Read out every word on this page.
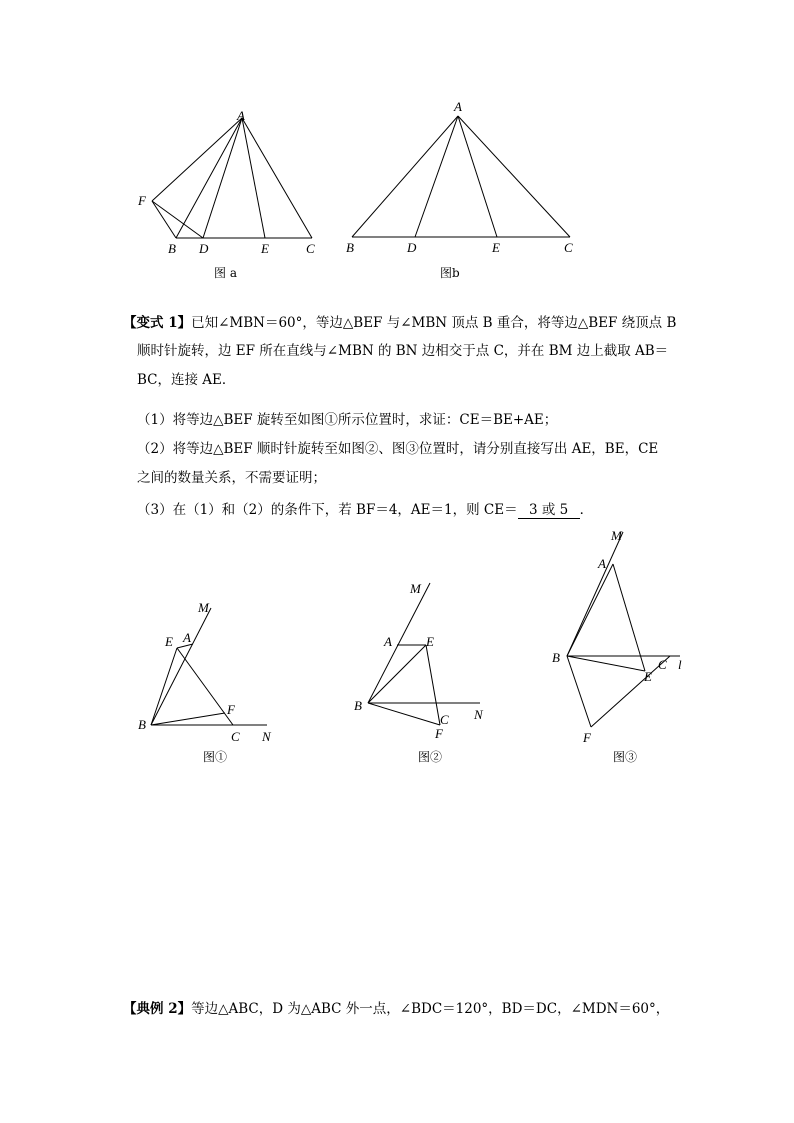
A
F
B D	E	C
图 a
A
B	D	E	C
图b
【变式 1】已知∠MBN＝60°，等边△BEF 与∠MBN 顶点 B 重合，将等边△BEF 绕顶点 B
顺时针旋转，边 EF 所在直线与∠MBN 的 BN 边相交于点 C，并在 BM 边上截取 AB＝
BC，连接 AE．
（1）将等边△BEF 旋转至如图①所示位置时，求证：CE＝BE+AE；
（2）将等边△BEF 顺时针旋转至如图②、图③位置时，请分别直接写出 AE，BE，CE
之间的数量关系，不需要证明；
（3）在（1）和（2）的条件下，若 BF＝4，AE＝1，则 CE＝ 3 或 5 ．
M
A
E
F
B
C N
图①
M
A	E
B
C
F
N
图②
M
A
B	C
E
F
l
图③
【典例 2】等边△ABC，D 为△ABC 外一点，∠BDC＝120°，BD＝DC，∠MDN＝60°，
